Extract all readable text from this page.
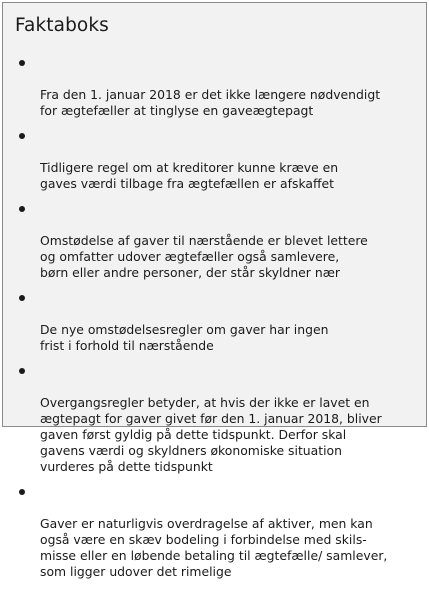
Faktaboks

Fra den 1. januar 2018 er det ikke længere nødvendigt
for ægtefæller at tinglyse en gaveægtepagt

Tidligere regel om at kreditorer kunne kræve en
gaves værdi tilbage fra ægtefællen er afskaffet

Omstødelse af gaver til nærstående er blevet lettere
og omfatter udover ægtefæller også samlevere,
børn eller andre personer, der står skyldner nær

De nye omstødelsesregler om gaver har ingen
frist i forhold til nærstående

Overgangsregler betyder, at hvis der ikke er lavet en
ægtepagt for gaver givet før den 1. januar 2018, bliver
gaven først gyldig på dette tidspunkt. Derfor skal
gavens værdi og skyldners økonomiske situation
vurderes på dette tidspunkt

Gaver er naturligvis overdragelse af aktiver, men kan
også være en skæv bodeling i forbindelse med skils-
misse eller en løbende betaling til ægtefælle/ samlever,
som ligger udover det rimelige
